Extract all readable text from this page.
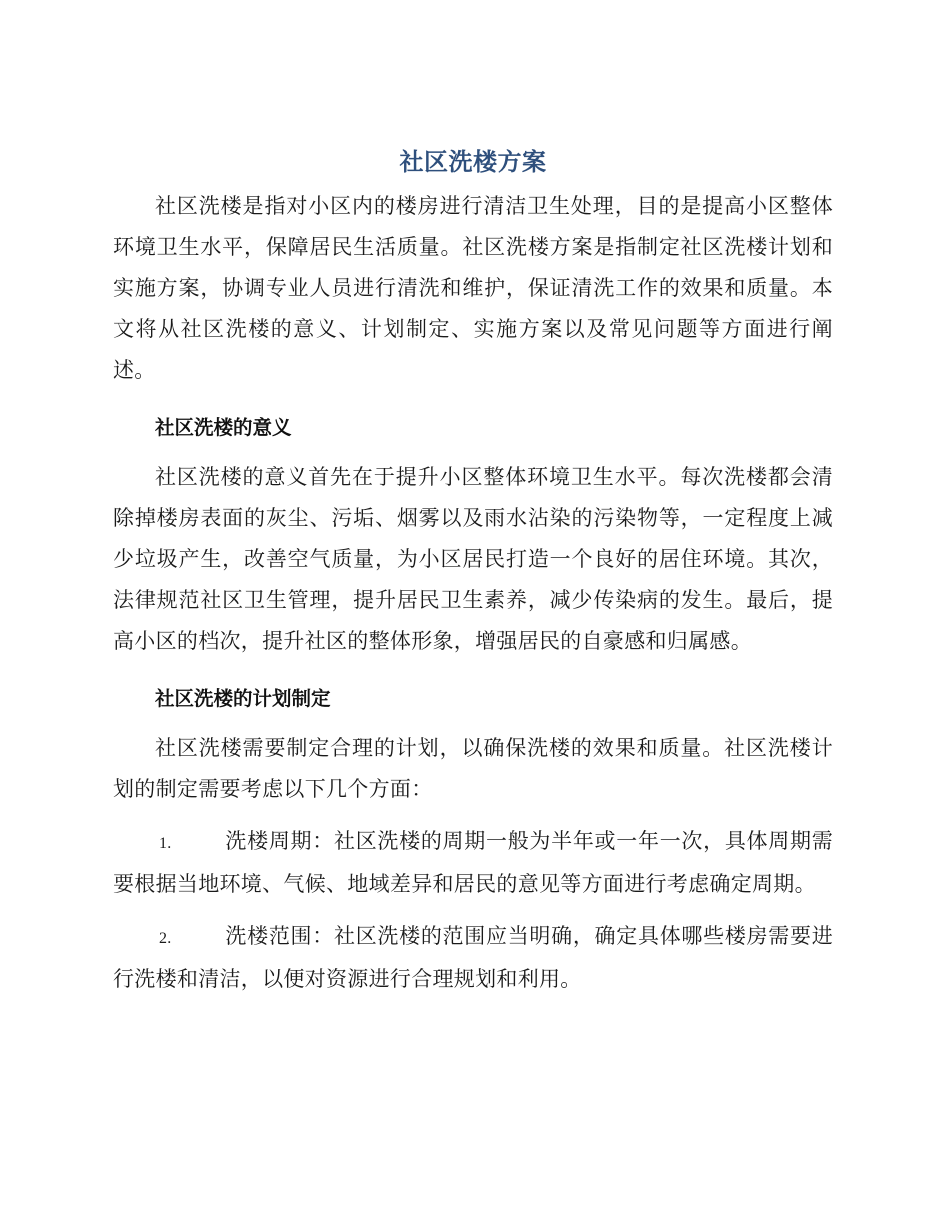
社区洗楼方案

社区洗楼是指对小区内的楼房进行清洁卫生处理，目的是提高小区整体环境卫生水平，保障居民生活质量。社区洗楼方案是指制定社区洗楼计划和实施方案，协调专业人员进行清洗和维护，保证清洗工作的效果和质量。本文将从社区洗楼的意义、计划制定、实施方案以及常见问题等方面进行阐述。

社区洗楼的意义

社区洗楼的意义首先在于提升小区整体环境卫生水平。每次洗楼都会清除掉楼房表面的灰尘、污垢、烟雾以及雨水沾染的污染物等，一定程度上减少垃圾产生，改善空气质量，为小区居民打造一个良好的居住环境。其次，法律规范社区卫生管理，提升居民卫生素养，减少传染病的发生。最后，提高小区的档次，提升社区的整体形象，增强居民的自豪感和归属感。

社区洗楼的计划制定

社区洗楼需要制定合理的计划，以确保洗楼的效果和质量。社区洗楼计划的制定需要考虑以下几个方面：

1.	洗楼周期：社区洗楼的周期一般为半年或一年一次，具体周期需要根据当地环境、气候、地域差异和居民的意见等方面进行考虑确定周期。

2.	洗楼范围：社区洗楼的范围应当明确，确定具体哪些楼房需要进行洗楼和清洁，以便对资源进行合理规划和利用。
